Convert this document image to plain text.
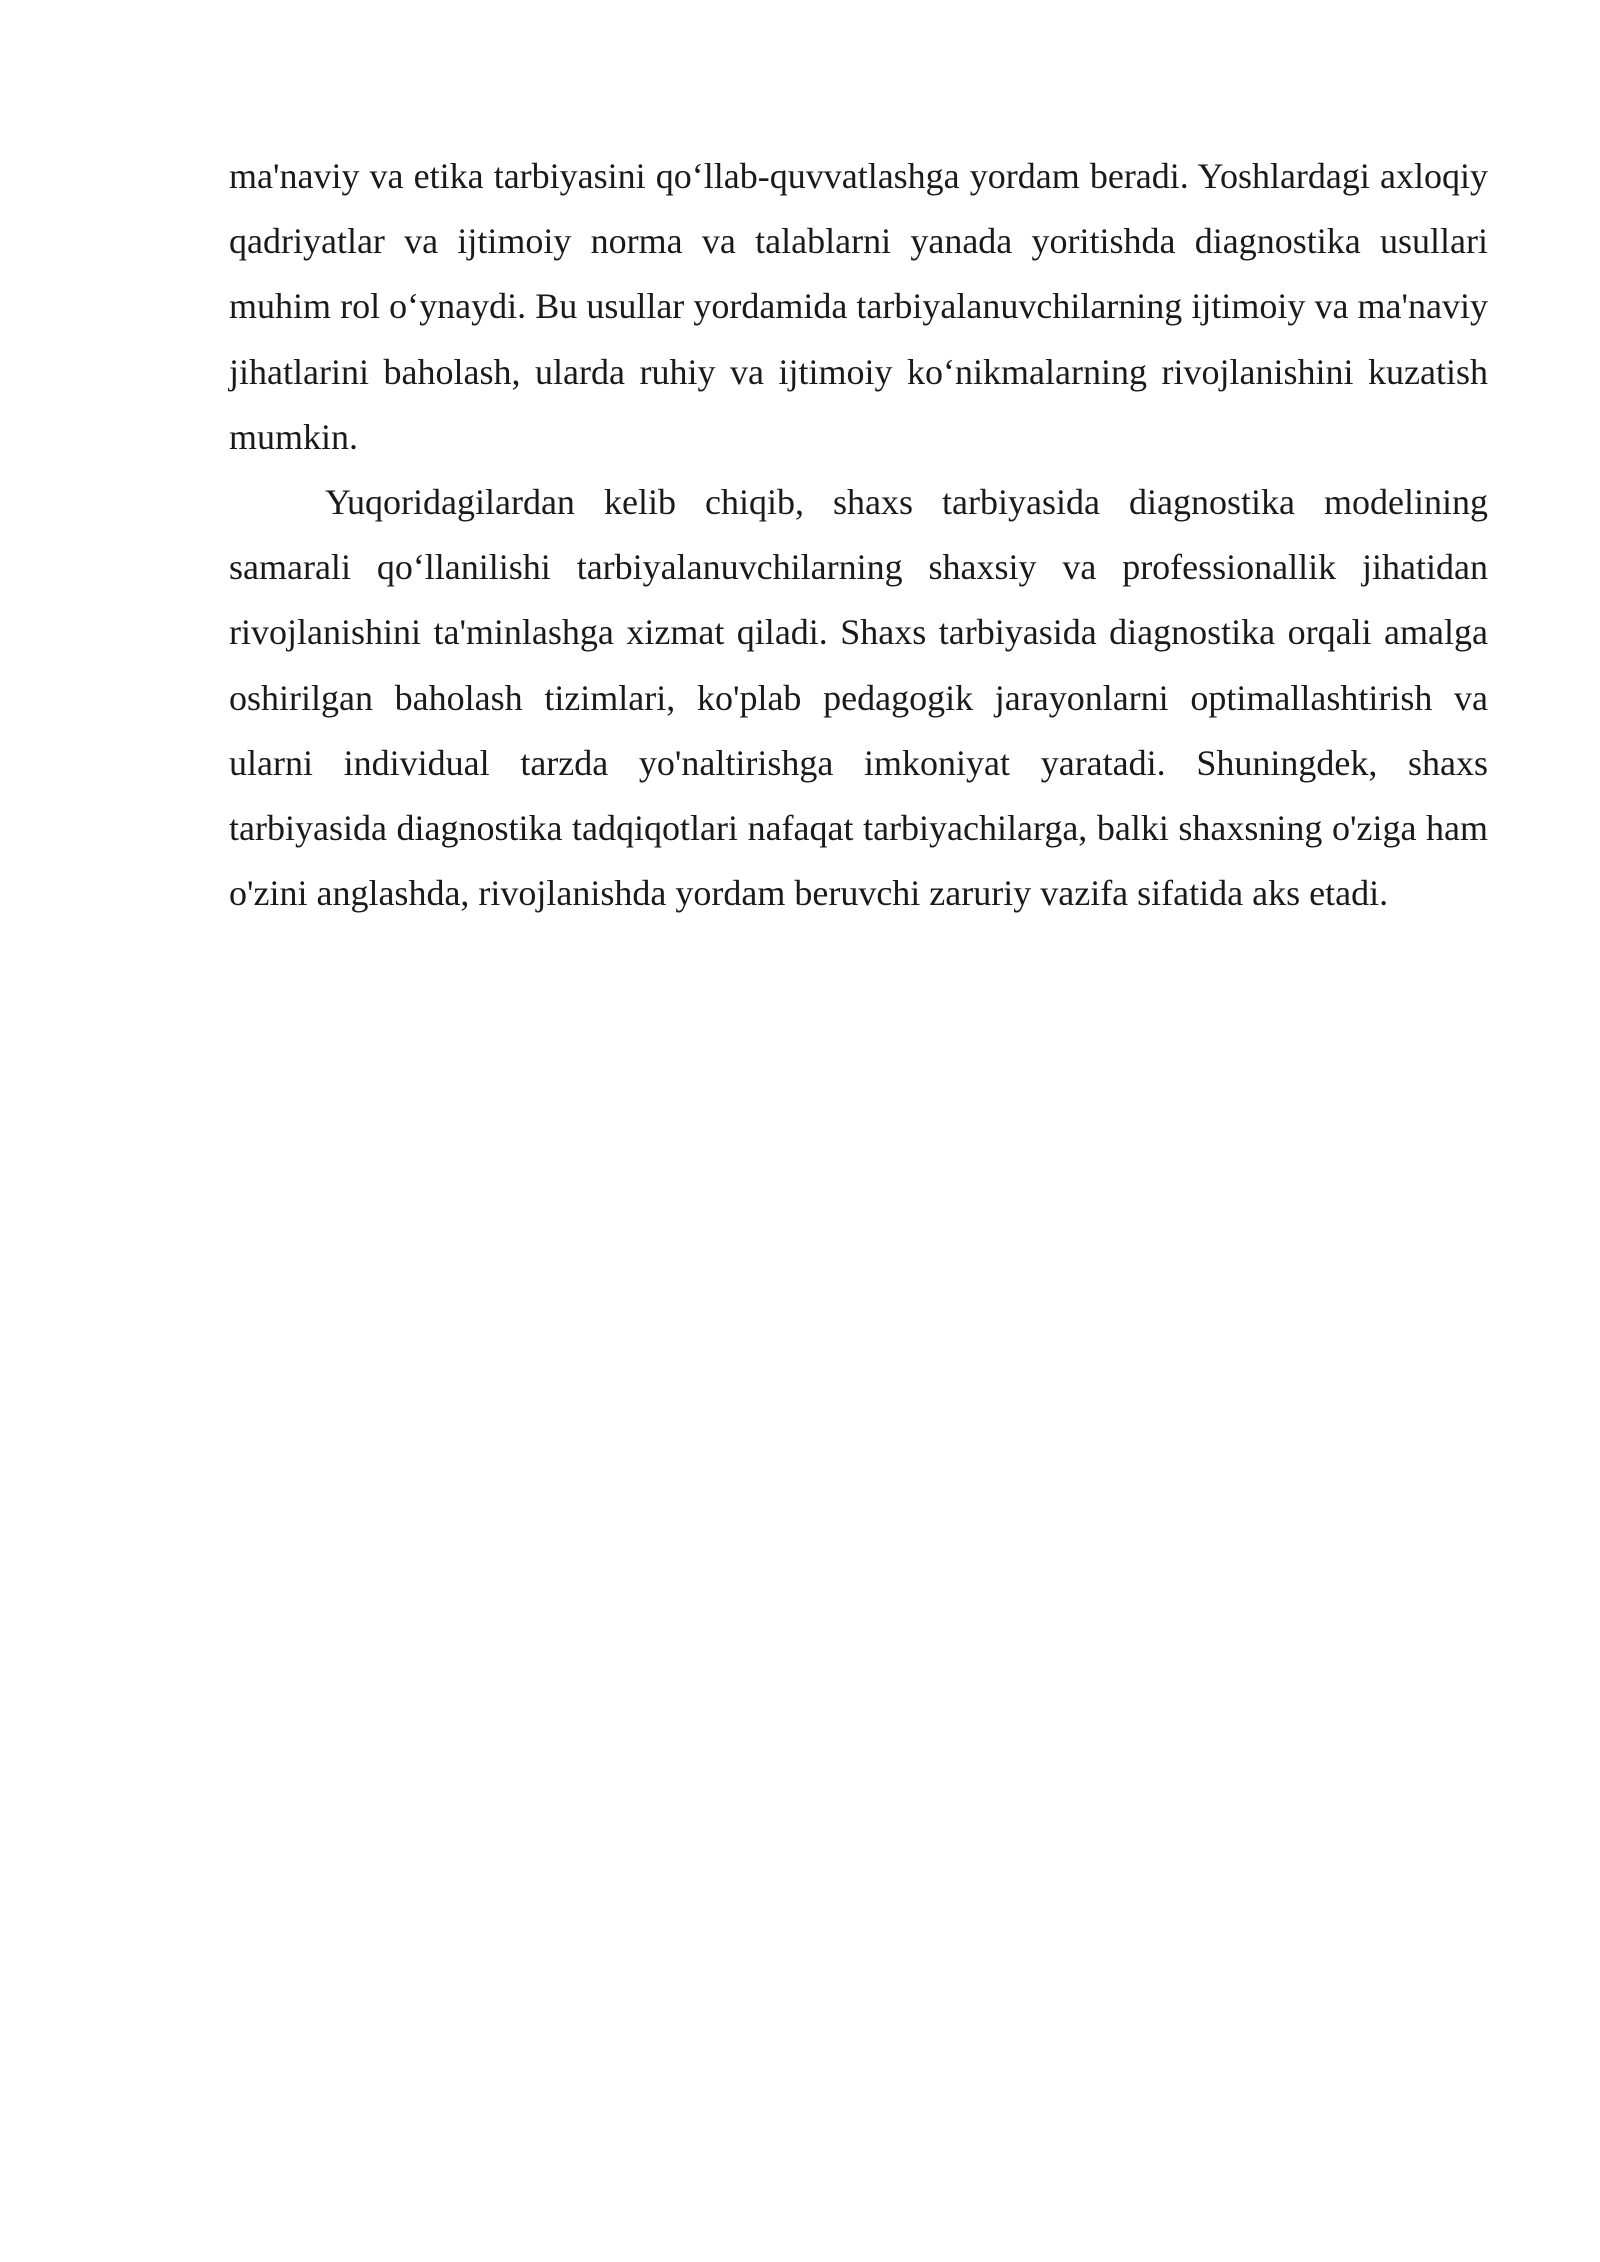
ma'naviy va etika tarbiyasini qo‘llab-quvvatlashga yordam beradi. Yoshlardagi axloqiy qadriyatlar va ijtimoiy norma va talablarni yanada yoritishda diagnostika usullari muhim rol o‘ynaydi. Bu usullar yordamida tarbiyalanuvchilarning ijtimoiy va ma'naviy jihatlarini baholash, ularda ruhiy va ijtimoiy ko‘nikmalarning rivojlanishini kuzatish mumkin.

Yuqoridagilardan kelib chiqib, shaxs tarbiyasida diagnostika modelining samarali qo‘llanilishi tarbiyalanuvchilarning shaxsiy va professionallik jihatidan rivojlanishini ta'minlashga xizmat qiladi. Shaxs tarbiyasida diagnostika orqali amalga oshirilgan baholash tizimlari, ko'plab pedagogik jarayonlarni optimallashtirish va ularni individual tarzda yo'naltirishga imkoniyat yaratadi. Shuningdek, shaxs tarbiyasida diagnostika tadqiqotlari nafaqat tarbiyachilarga, balki shaxsning o'ziga ham o'zini anglashda, rivojlanishda yordam beruvchi zaruriy vazifa sifatida aks etadi.
